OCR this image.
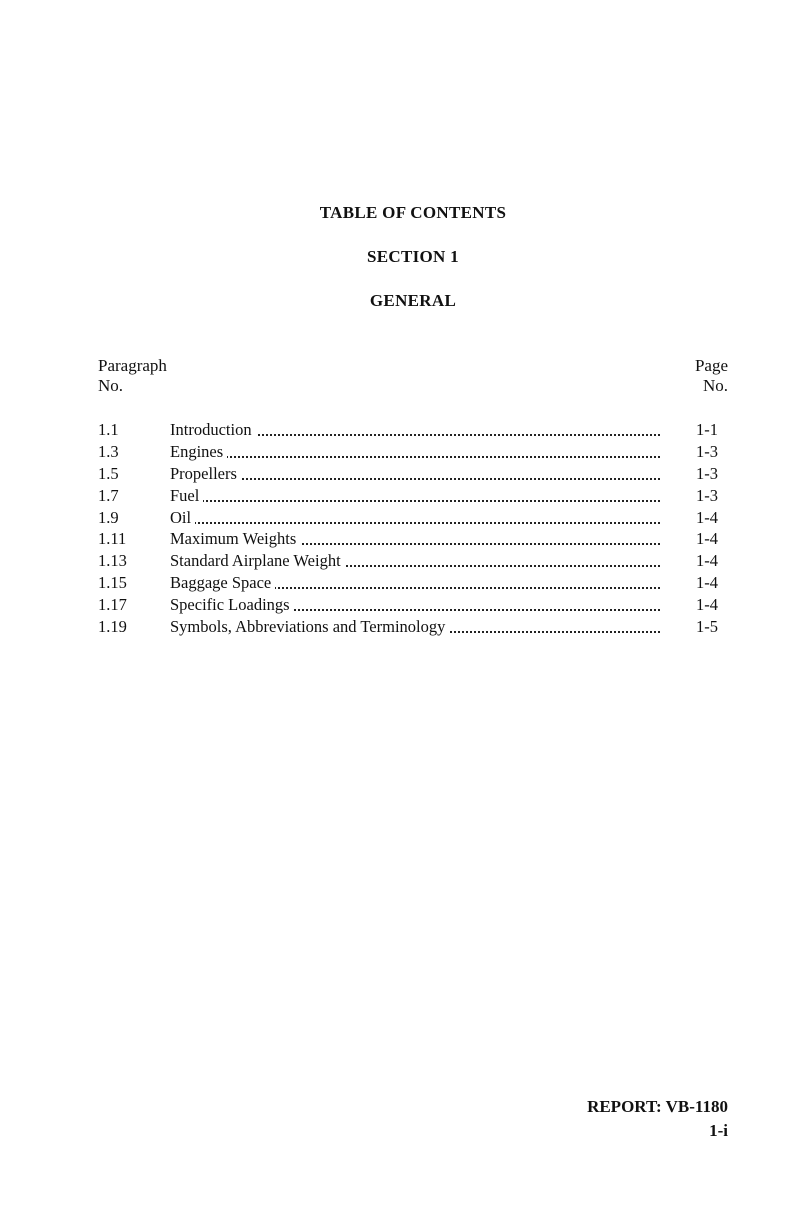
TABLE OF CONTENTS
SECTION 1
GENERAL
Paragraph
No.
Page
No.
1.1	Introduction	1-1
1.3	Engines	1-3
1.5	Propellers	1-3
1.7	Fuel	1-3
1.9	Oil	1-4
1.11	Maximum Weights	1-4
1.13	Standard Airplane Weight	1-4
1.15	Baggage Space	1-4
1.17	Specific Loadings	1-4
1.19	Symbols, Abbreviations and Terminology	1-5
REPORT: VB-1180
1-i
